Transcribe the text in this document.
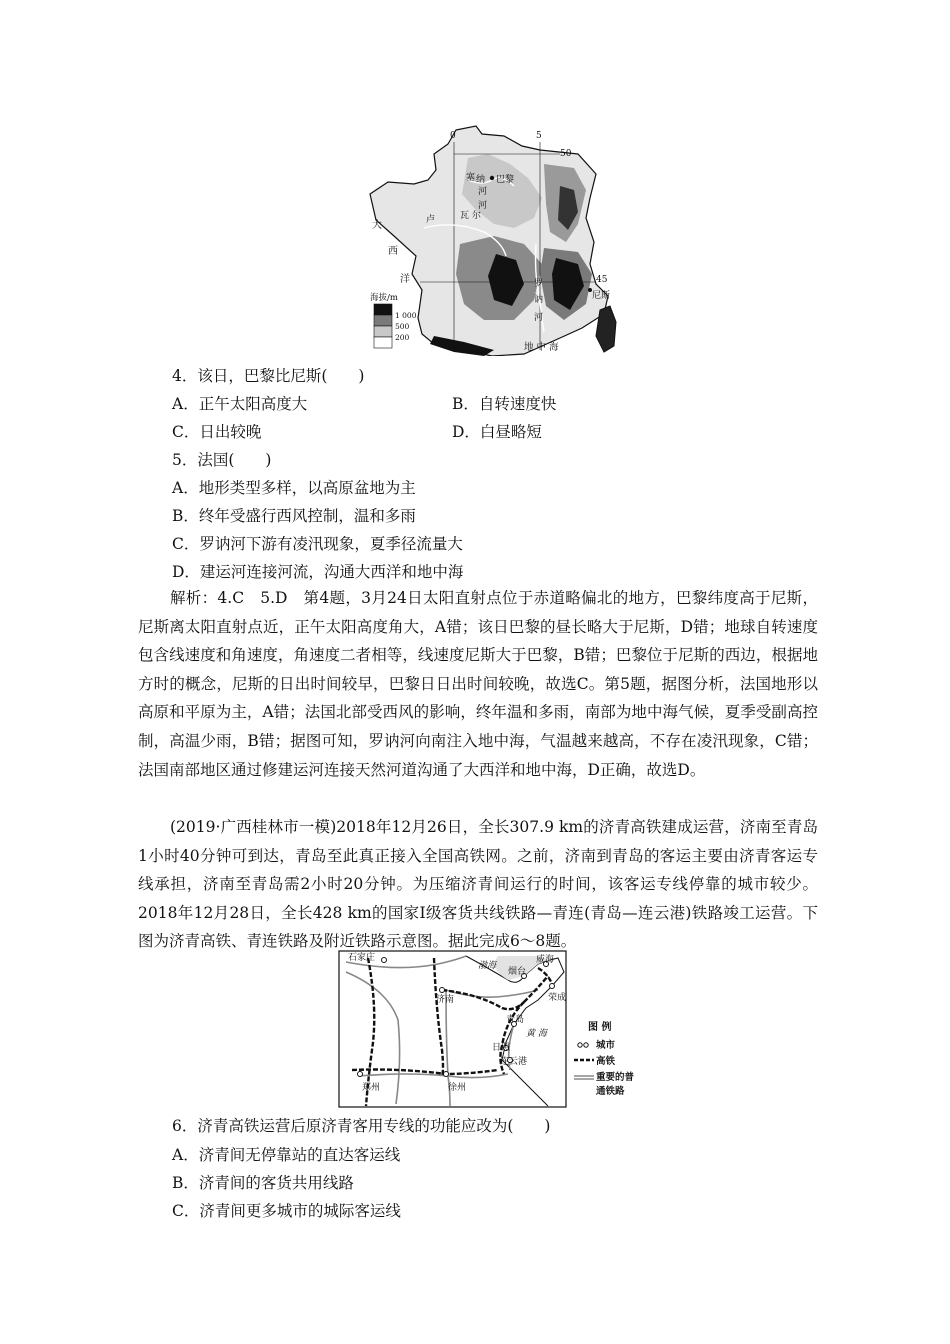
0	5
50
45
塞 纳
河
巴黎
河
卢	瓦 尔
大
西
洋	罗
讷
河
尼斯
地 中 海
海拔/m
1 000
500
200
4．该日，巴黎比尼斯(　　)
A．正午太阳高度大	B．自转速度快
C．日出较晚	D．白昼略短
5．法国(　　)
A．地形类型多样，以高原盆地为主
B．终年受盛行西风控制，温和多雨
C．罗讷河下游有凌汛现象，夏季径流量大
D．建运河连接河流，沟通大西洋和地中海
解析：4.C　5.D　第4题，3月24日太阳直射点位于赤道略偏北的地方，巴黎纬度高于尼斯，尼斯离太阳直射点近，正午太阳高度角大，A错；该日巴黎的昼长略大于尼斯，D错；地球自转速度包含线速度和角速度，角速度二者相等，线速度尼斯大于巴黎，B错；巴黎位于尼斯的西边，根据地方时的概念，尼斯的日出时间较早，巴黎日日出时间较晚，故选C。第5题，据图分析，法国地形以高原和平原为主，A错；法国北部受西风的影响，终年温和多雨，南部为地中海气候，夏季受副高控制，高温少雨，B错；据图可知，罗讷河向南注入地中海，气温越来越高，不存在凌汛现象，C错；法国南部地区通过修建运河连接天然河道沟通了大西洋和地中海，D正确，故选D。
(2019·广西桂林市一模)2018年12月26日，全长307.9 km的济青高铁建成运营，济南至青岛1小时40分钟可到达，青岛至此真正接入全国高铁网。之前，济南到青岛的客运主要由济青客运专线承担，济南至青岛需2小时20分钟。为压缩济青间运行的时间，该客运专线停靠的城市较少。2018年12月28日，全长428 km的国家Ⅰ级客货共线铁路—青连(青岛—连云港)铁路竣工运营。下图为济青高铁、青连铁路及附近铁路示意图。据此完成6～8题。
石家庄
渤海
烟台
威海
荣成
济南
青岛
黄 海
日照
连云港
郑州	徐州
图 例
城市
高铁
重要的普
通铁路
6．济青高铁运营后原济青客用专线的功能应改为(　　)
A．济青间无停靠站的直达客运线
B．济青间的客货共用线路
C．济青间更多城市的城际客运线
